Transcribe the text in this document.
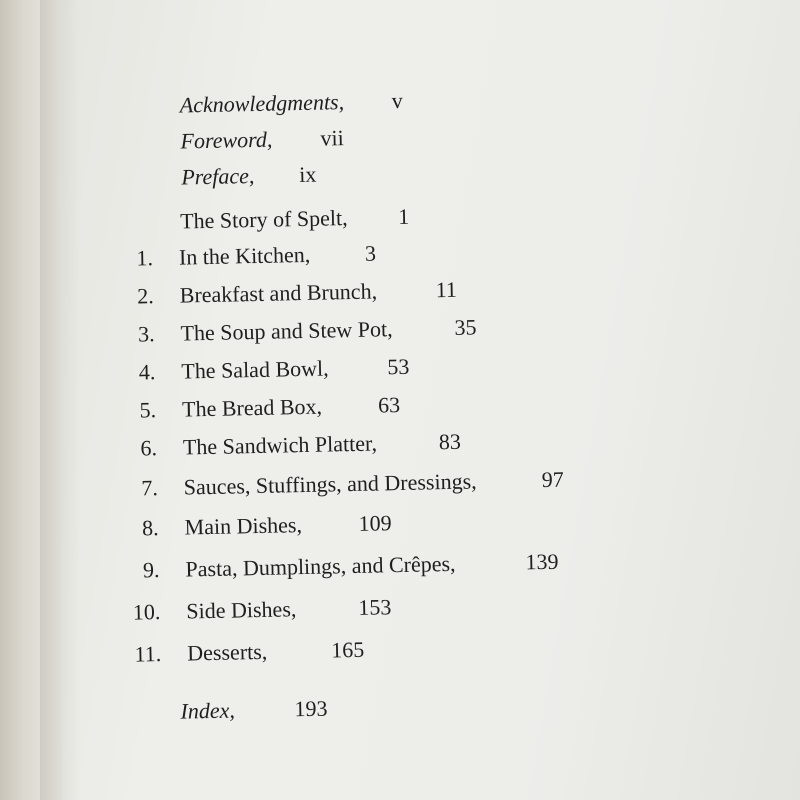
Acknowledgments, v
Foreword, vii
Preface, ix
The Story of Spelt, 1
1. In the Kitchen, 3
2. Breakfast and Brunch,	11
3. The Soup and Stew Pot,	35
4. The Salad Bowl,	53
5. The Bread Box,	63
6. The Sandwich Platter,	83
7. Sauces, Stuffings, and Dressings,	97
8. Main Dishes,	109
9. Pasta, Dumplings, and Crêpes,	139
10. Side Dishes,	153
11. Desserts,	165
Index,	193
